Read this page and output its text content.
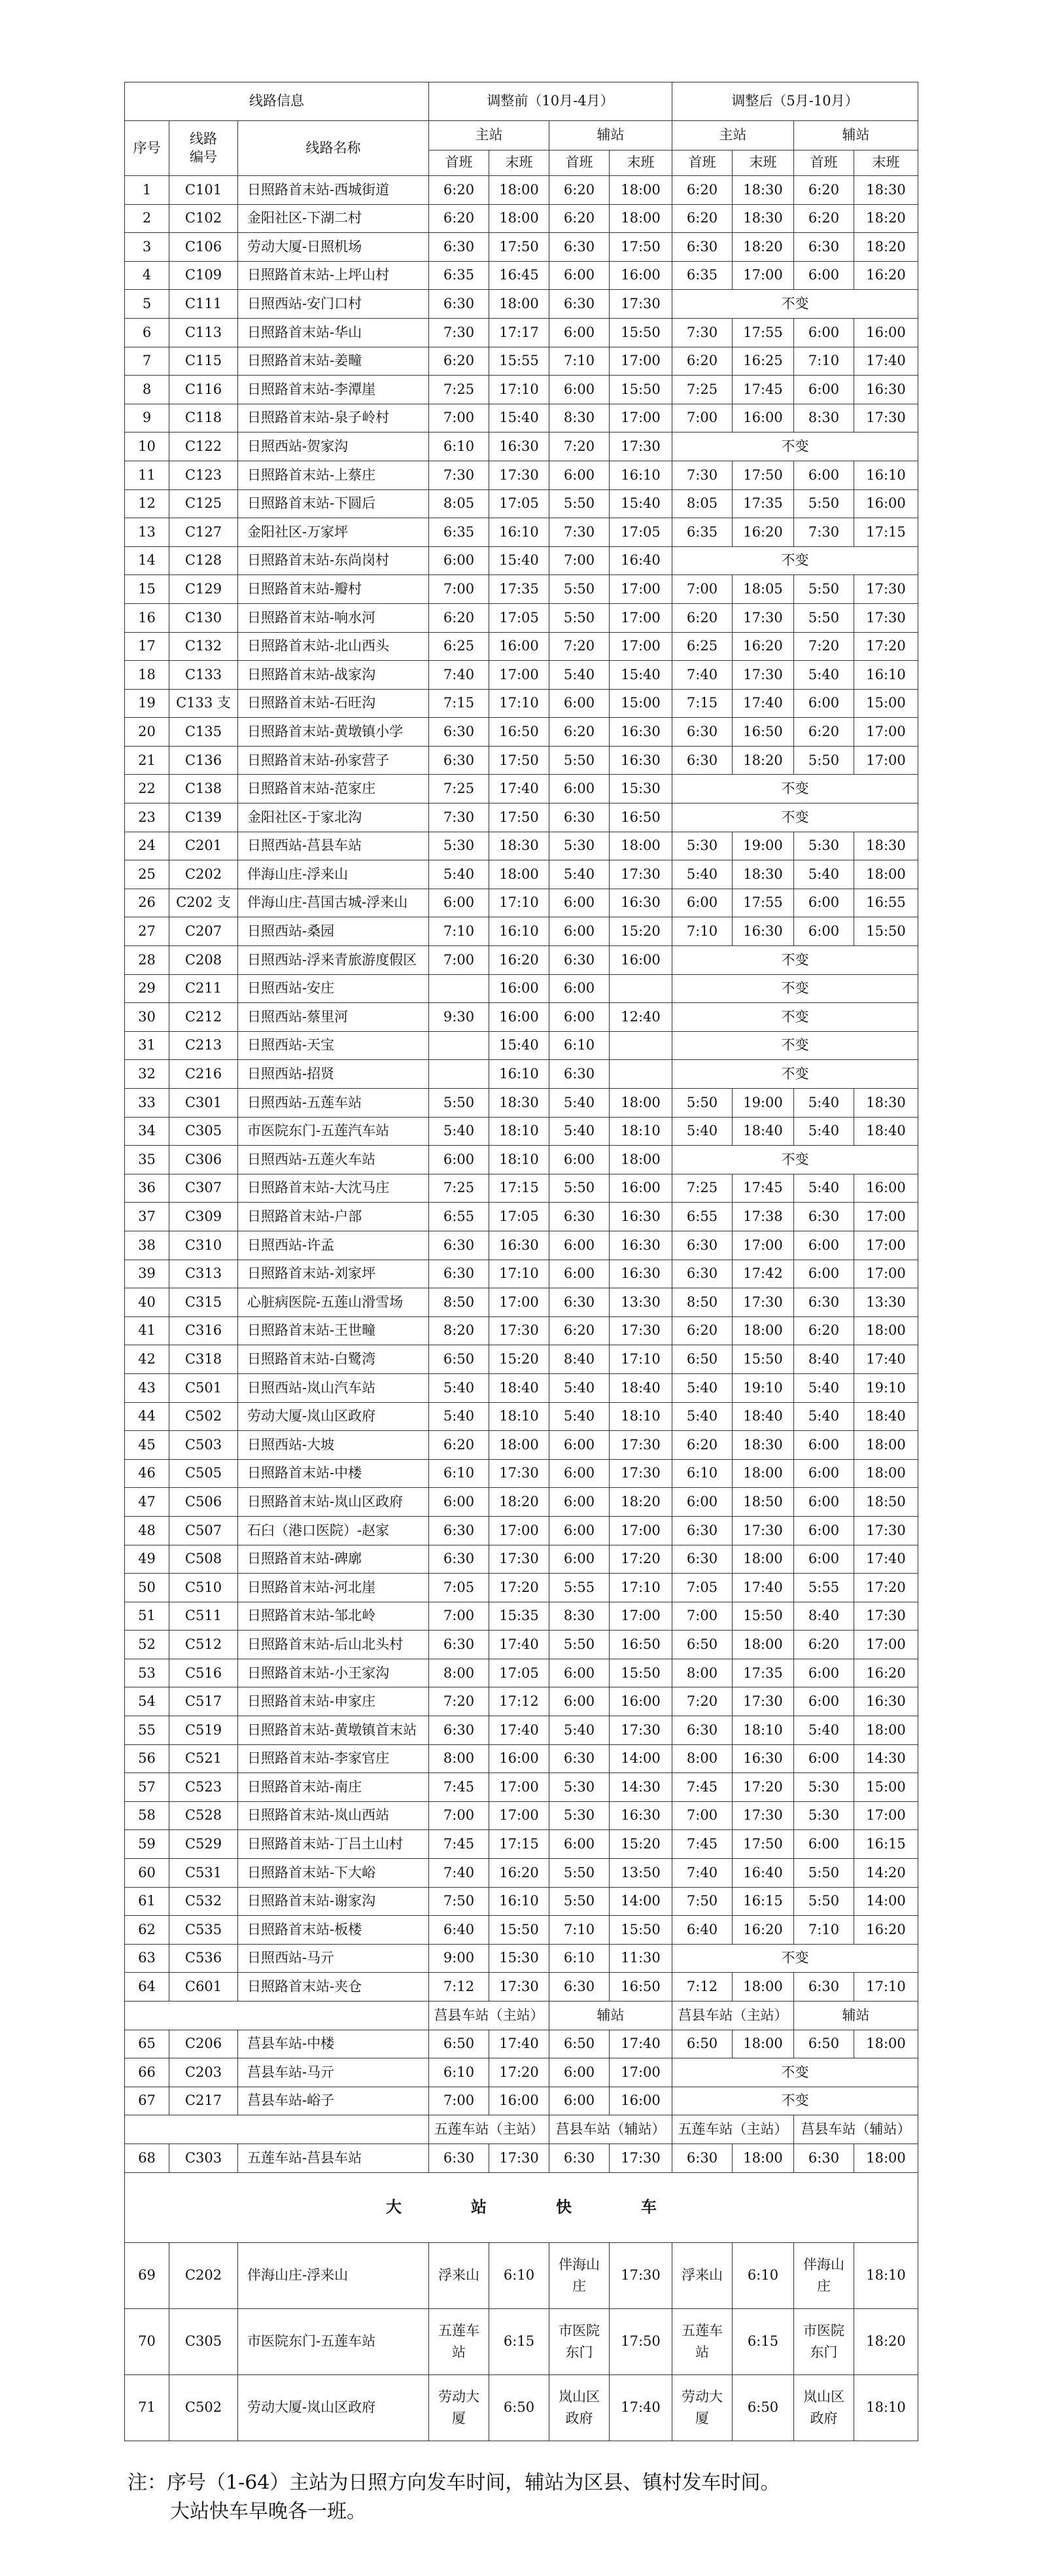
线路信息			调整前（10月-4月）				调整后（5月-10月）			
序号	线路编号	线路名称	主站		辅站		主站		辅站	
			首班	末班	首班	末班	首班	末班	首班	末班
1	C101	日照路首末站-西城街道	6:20	18:00	6:20	18:00	6:20	18:30	6:20	18:30
2	C102	金阳社区-下湖二村	6:20	18:00	6:20	18:00	6:20	18:30	6:20	18:20
3	C106	劳动大厦-日照机场	6:30	17:50	6:30	17:50	6:30	18:20	6:30	18:20
4	C109	日照路首末站-上坪山村	6:35	16:45	6:00	16:00	6:35	17:00	6:00	16:20
5	C111	日照西站-安门口村	6:30	18:00	6:30	17:30	不变			
6	C113	日照路首末站-华山	7:30	17:17	6:00	15:50	7:30	17:55	6:00	16:00
7	C115	日照路首末站-姜疃	6:20	15:55	7:10	17:00	6:20	16:25	7:10	17:40
8	C116	日照路首末站-李潭崖	7:25	17:10	6:00	15:50	7:25	17:45	6:00	16:30
9	C118	日照路首末站-泉子岭村	7:00	15:40	8:30	17:00	7:00	16:00	8:30	17:30
10	C122	日照西站-贺家沟	6:10	16:30	7:20	17:30	不变			
11	C123	日照路首末站-上蔡庄	7:30	17:30	6:00	16:10	7:30	17:50	6:00	16:10
12	C125	日照路首末站-下圆后	8:05	17:05	5:50	15:40	8:05	17:35	5:50	16:00
13	C127	金阳社区-万家坪	6:35	16:10	7:30	17:05	6:35	16:20	7:30	17:15
14	C128	日照路首末站-东尚岗村	6:00	15:40	7:00	16:40	不变			
15	C129	日照路首末站-瓣村	7:00	17:35	5:50	17:00	7:00	18:05	5:50	17:30
16	C130	日照路首末站-响水河	6:20	17:05	5:50	17:00	6:20	17:30	5:50	17:30
17	C132	日照路首末站-北山西头	6:25	16:00	7:20	17:00	6:25	16:20	7:20	17:20
18	C133	日照路首末站-战家沟	7:40	17:00	5:40	15:40	7:40	17:30	5:40	16:10
19	C133 支	日照路首末站-石旺沟	7:15	17:10	6:00	15:00	7:15	17:40	6:00	15:00
20	C135	日照路首末站-黄墩镇小学	6:30	16:50	6:20	16:30	6:30	16:50	6:20	17:00
21	C136	日照路首末站-孙家营子	6:30	17:50	5:50	16:30	6:30	18:20	5:50	17:00
22	C138	日照路首末站-范家庄	7:25	17:40	6:00	15:30	不变			
23	C139	金阳社区-于家北沟	7:30	17:50	6:30	16:50	不变			
24	C201	日照西站-莒县车站	5:30	18:30	5:30	18:00	5:30	19:00	5:30	18:30
25	C202	伴海山庄-浮来山	5:40	18:00	5:40	17:30	5:40	18:30	5:40	18:00
26	C202 支	伴海山庄-莒国古城-浮来山	6:00	17:10	6:00	16:30	6:00	17:55	6:00	16:55
27	C207	日照西站-桑园	7:10	16:10	6:00	15:20	7:10	16:30	6:00	15:50
28	C208	日照西站-浮来青旅游度假区	7:00	16:20	6:30	16:00	不变			
29	C211	日照西站-安庄		16:00	6:00		不变			
30	C212	日照西站-蔡里河	9:30	16:00	6:00	12:40	不变			
31	C213	日照西站-天宝		15:40	6:10		不变			
32	C216	日照西站-招贤		16:10	6:30		不变			
33	C301	日照西站-五莲车站	5:50	18:30	5:40	18:00	5:50	19:00	5:40	18:30
34	C305	市医院东门-五莲汽车站	5:40	18:10	5:40	18:10	5:40	18:40	5:40	18:40
35	C306	日照西站-五莲火车站	6:00	18:10	6:00	18:00	不变			
36	C307	日照路首末站-大沈马庄	7:25	17:15	5:50	16:00	7:25	17:45	5:40	16:00
37	C309	日照路首末站-户部	6:55	17:05	6:30	16:30	6:55	17:38	6:30	17:00
38	C310	日照西站-许孟	6:30	16:30	6:00	16:30	6:30	17:00	6:00	17:00
39	C313	日照路首末站-刘家坪	6:30	17:10	6:00	16:30	6:30	17:42	6:00	17:00
40	C315	心脏病医院-五莲山滑雪场	8:50	17:00	6:30	13:30	8:50	17:30	6:30	13:30
41	C316	日照路首末站-王世疃	8:20	17:30	6:20	17:30	6:20	18:00	6:20	18:00
42	C318	日照路首末站-白鹭湾	6:50	15:20	8:40	17:10	6:50	15:50	8:40	17:40
43	C501	日照西站-岚山汽车站	5:40	18:40	5:40	18:40	5:40	19:10	5:40	19:10
44	C502	劳动大厦-岚山区政府	5:40	18:10	5:40	18:10	5:40	18:40	5:40	18:40
45	C503	日照西站-大坡	6:20	18:00	6:00	17:30	6:20	18:30	6:00	18:00
46	C505	日照路首末站-中楼	6:10	17:30	6:00	17:30	6:10	18:00	6:00	18:00
47	C506	日照路首末站-岚山区政府	6:00	18:20	6:00	18:20	6:00	18:50	6:00	18:50
48	C507	石臼（港口医院）-赵家	6:30	17:00	6:00	17:00	6:30	17:30	6:00	17:30
49	C508	日照路首末站-碑廓	6:30	17:30	6:00	17:20	6:30	18:00	6:00	17:40
50	C510	日照路首末站-河北崖	7:05	17:20	5:55	17:10	7:05	17:40	5:55	17:20
51	C511	日照路首末站-邹北岭	7:00	15:35	8:30	17:00	7:00	15:50	8:40	17:30
52	C512	日照路首末站-后山北头村	6:30	17:40	5:50	16:50	6:50	18:00	6:20	17:00
53	C516	日照路首末站-小王家沟	8:00	17:05	6:00	15:50	8:00	17:35	6:00	16:20
54	C517	日照路首末站-申家庄	7:20	17:12	6:00	16:00	7:20	17:30	6:00	16:30
55	C519	日照路首末站-黄墩镇首末站	6:30	17:40	5:40	17:30	6:30	18:10	5:40	18:00
56	C521	日照路首末站-李家官庄	8:00	16:00	6:30	14:00	8:00	16:30	6:00	14:30
57	C523	日照路首末站-南庄	7:45	17:00	5:30	14:30	7:45	17:20	5:30	15:00
58	C528	日照路首末站-岚山西站	7:00	17:00	5:30	16:30	7:00	17:30	5:30	17:00
59	C529	日照路首末站-丁吕土山村	7:45	17:15	6:00	15:20	7:45	17:50	6:00	16:15
60	C531	日照路首末站-下大峪	7:40	16:20	5:50	13:50	7:40	16:40	5:50	14:20
61	C532	日照路首末站-谢家沟	7:50	16:10	5:50	14:00	7:50	16:15	5:50	14:00
62	C535	日照路首末站-板楼	6:40	15:50	7:10	15:50	6:40	16:20	7:10	16:20
63	C536	日照西站-马亓	9:00	15:30	6:10	11:30	不变			
64	C601	日照路首末站-夹仓	7:12	17:30	6:30	16:50	7:12	18:00	6:30	17:10
			莒县车站（主站）		辅站		莒县车站（主站）		辅站	
65	C206	莒县车站-中楼	6:50	17:40	6:50	17:40	6:50	18:00	6:50	18:00
66	C203	莒县车站-马亓	6:10	17:20	6:00	17:00	不变			
67	C217	莒县车站-峪子	7:00	16:00	6:00	16:00	不变			
			五莲车站（主站）		莒县车站（辅站）		五莲车站（主站）		莒县车站（辅站）	
68	C303	五莲车站-莒县车站	6:30	17:30	6:30	17:30	6:30	18:00	6:30	18:00
大 站 快 车										
69	C202	伴海山庄-浮来山	浮来山	6:10	伴海山庄	17:30	浮来山	6:10	伴海山庄	18:10
70	C305	市医院东门-五莲车站	五莲车站	6:15	市医院东门	17:50	五莲车站	6:15	市医院东门	18:20
71	C502	劳动大厦-岚山区政府	劳动大厦	6:50	岚山区政府	17:40	劳动大厦	6:50	岚山区政府	18:10
注：序号（1-64）主站为日照方向发车时间，辅站为区县、镇村发车时间。
大站快车早晚各一班。
